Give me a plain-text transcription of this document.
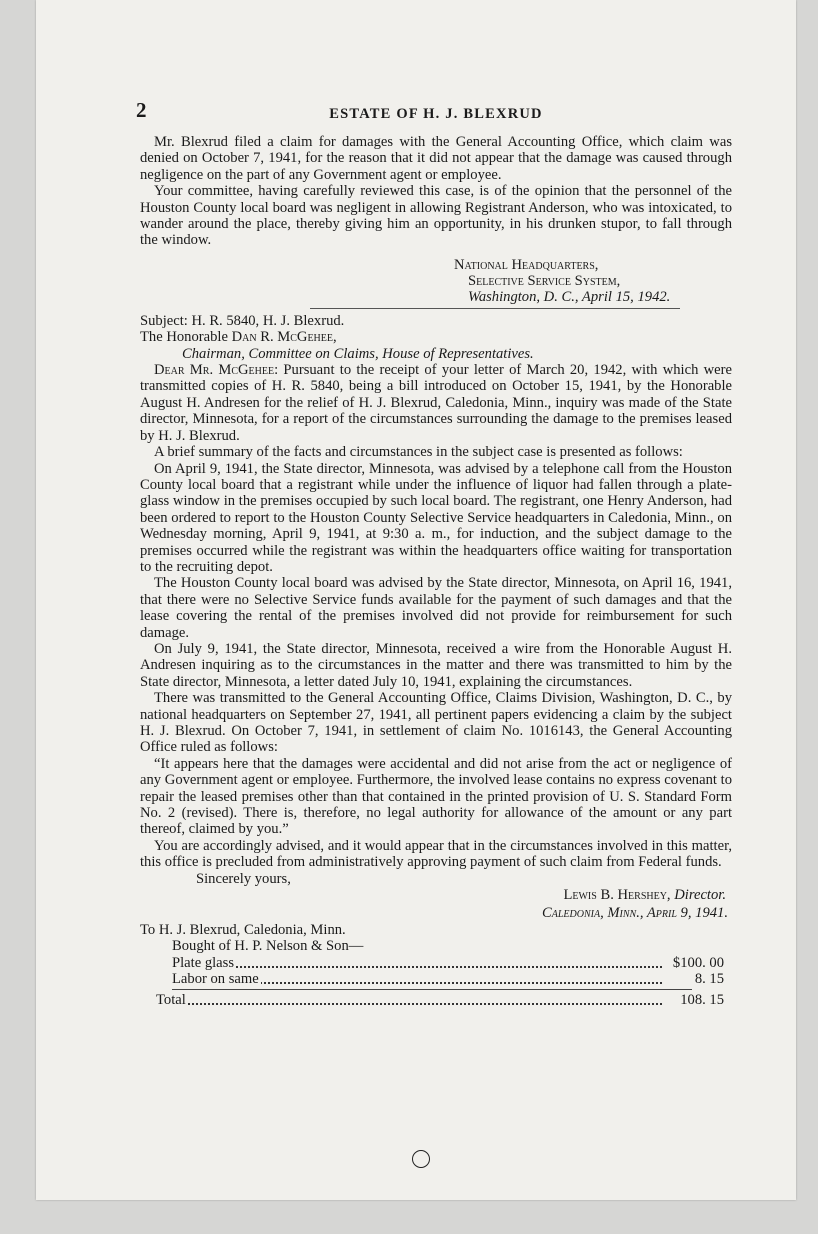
2	ESTATE OF H. J. BLEXRUD

Mr. Blexrud filed a claim for damages with the General Accounting Office, which claim was denied on October 7, 1941, for the reason that it did not appear that the damage was caused through negligence on the part of any Government agent or employee.

Your committee, having carefully reviewed this case, is of the opinion that the personnel of the Houston County local board was negligent in allowing Registrant Anderson, who was intoxicated, to wander around the place, thereby giving him an opportunity, in his drunken stupor, to fall through the window.

National Headquarters,
Selective Service System,
Washington, D. C., April 15, 1942.

Subject: H. R. 5840, H. J. Blexrud.

The Honorable Dan R. McGehee,

Chairman, Committee on Claims, House of Representatives.

Dear Mr. McGehee: Pursuant to the receipt of your letter of March 20, 1942, with which were transmitted copies of H. R. 5840, being a bill introduced on October 15, 1941, by the Honorable August H. Andresen for the relief of H. J. Blexrud, Caledonia, Minn., inquiry was made of the State director, Minnesota, for a report of the circumstances surrounding the damage to the premises leased by H. J. Blexrud.

A brief summary of the facts and circumstances in the subject case is presented as follows:

On April 9, 1941, the State director, Minnesota, was advised by a telephone call from the Houston County local board that a registrant while under the influence of liquor had fallen through a plate-glass window in the premises occupied by such local board. The registrant, one Henry Anderson, had been ordered to report to the Houston County Selective Service headquarters in Caledonia, Minn., on Wednesday morning, April 9, 1941, at 9:30 a. m., for induction, and the subject damage to the premises occurred while the registrant was within the headquarters office waiting for transportation to the recruiting depot.

The Houston County local board was advised by the State director, Minnesota, on April 16, 1941, that there were no Selective Service funds available for the payment of such damages and that the lease covering the rental of the premises involved did not provide for reimbursement for such damage.

On July 9, 1941, the State director, Minnesota, received a wire from the Honorable August H. Andresen inquiring as to the circumstances in the matter and there was transmitted to him by the State director, Minnesota, a letter dated July 10, 1941, explaining the circumstances.

There was transmitted to the General Accounting Office, Claims Division, Washington, D. C., by national headquarters on September 27, 1941, all pertinent papers evidencing a claim by the subject H. J. Blexrud. On October 7, 1941, in settlement of claim No. 1016143, the General Accounting Office ruled as follows:

“It appears here that the damages were accidental and did not arise from the act or negligence of any Government agent or employee. Furthermore, the involved lease contains no express covenant to repair the leased premises other than that contained in the printed provision of U. S. Standard Form No. 2 (revised). There is, therefore, no legal authority for allowance of the amount or any part thereof, claimed by you.”

You are accordingly advised, and it would appear that in the circumstances involved in this matter, this office is precluded from administratively approving payment of such claim from Federal funds.

Sincerely yours,

Lewis B. Hershey, Director.

Caledonia, Minn., April 9, 1941.

To H. J. Blexrud, Caledonia, Minn.

Bought of H. P. Nelson & Son—

Plate glass	$100. 00
Labor on same	8. 15
Total	108. 15
